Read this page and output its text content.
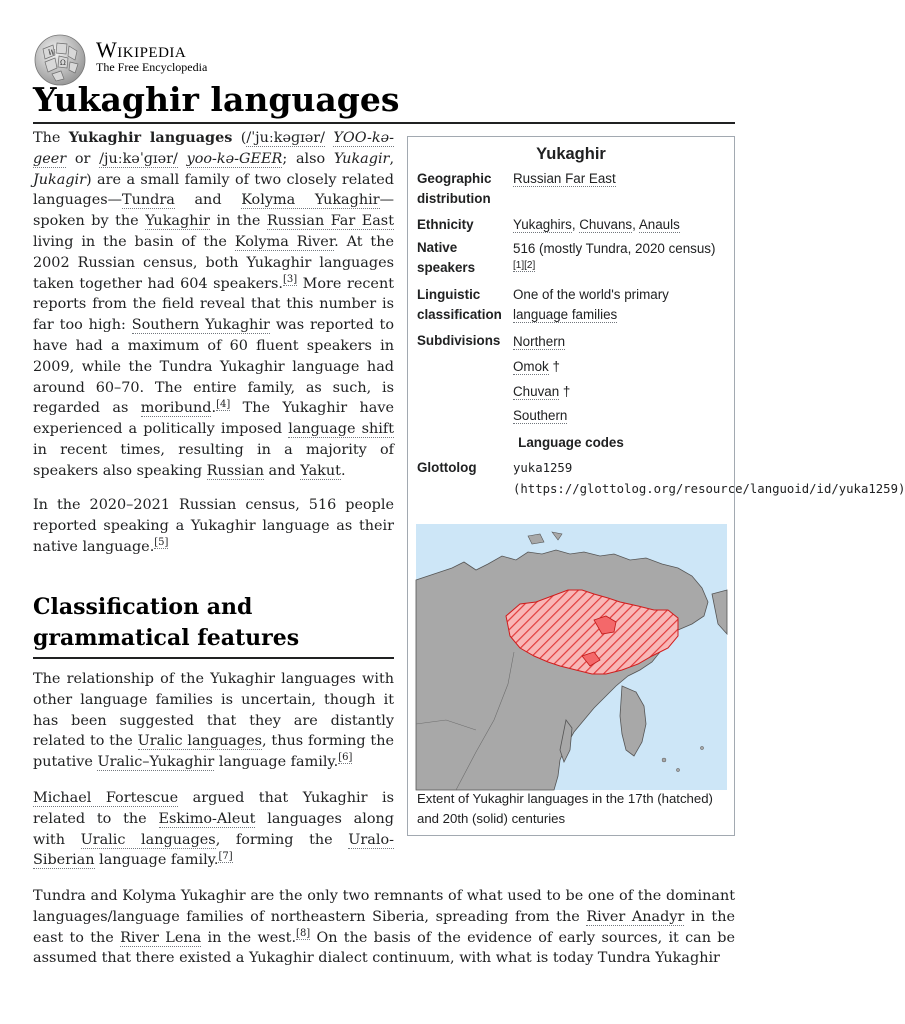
W
Ω
Wikipedia
The Free Encyclopedia
Yukaghir languages

The Yukaghir languages (/ˈjuːkəɡɪər/ YOO-kə-geer or /juːkəˈɡɪər/ yoo-kə-GEER; also Yukagir, Jukagir) are a small family of two closely related languages—Tundra and Kolyma Yukaghir—spoken by the Yukaghir in the Russian Far East living in the basin of the Kolyma River. At the 2002 Russian census, both Yukaghir languages taken together had 604 speakers.[3] More recent reports from the field reveal that this number is far too high: Southern Yukaghir was reported to have had a maximum of 60 fluent speakers in 2009, while the Tundra Yukaghir language had around 60–70. The entire family, as such, is regarded as moribund.[4] The Yukaghir have experienced a politically imposed language shift in recent times, resulting in a majority of speakers also speaking Russian and Yakut.

In the 2020–2021 Russian census, 516 people reported speaking a Yukaghir language as their native language.[5]

Classification and grammatical features

The relationship of the Yukaghir languages with other language families is uncertain, though it has been suggested that they are distantly related to the Uralic languages, thus forming the putative Uralic–Yukaghir language family.[6]

Michael Fortescue argued that Yukaghir is related to the Eskimo-Aleut languages along with Uralic languages, forming the Uralo-Siberian language family.[7]

Tundra and Kolyma Yukaghir are the only two remnants of what used to be one of the dominant languages/language families of northeastern Siberia, spreading from the River Anadyr in the east to the River Lena in the west.[8] On the basis of the evidence of early sources, it can be assumed that there existed a Yukaghir dialect continuum, with what is today Tundra Yukaghir
Yukaghir
Geographic distribution
Russian Far East
Ethnicity	Yukaghirs, Chuvans, Anauls
Native speakers
516 (mostly Tundra, 2020 census)[1][2]
Linguistic classification
One of the world's primary language families
Subdivisions Northern
Omok †
Chuvan †
Southern
Language codes
Glottolog	yuka1259 (https://glottolog.org/resource/languoid/id/yuka1259)
Extent of Yukaghir languages in the 17th (hatched) and 20th (solid) centuries
